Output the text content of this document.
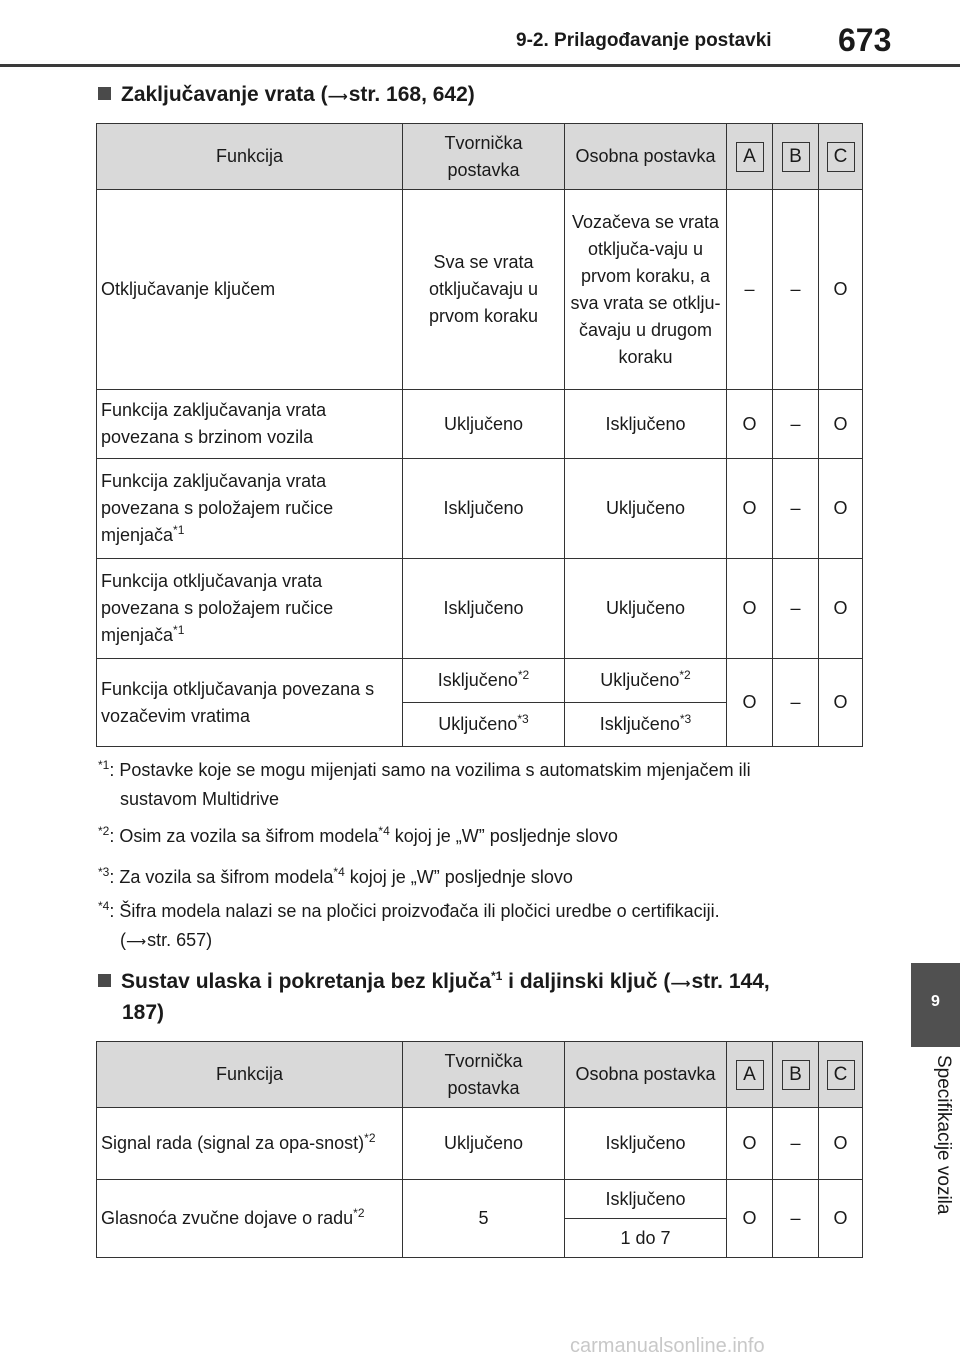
9-2. Prilagođavanje postavki 673
9
Specifikacije vozila
Zaključavanje vrata (⟶str. 168, 642)
Funkcija	Tvornička postavka	Osobna postavka	A	B	C
Otključavanje ključem	Sva se vrata otključavaju u prvom koraku	Vozačeva se vrata otključa-vaju u prvom koraku, a sva vrata se otklju-čavaju u drugom koraku	–	–	O
Funkcija zaključavanja vrata povezana s brzinom vozila	Uključeno	Isključeno	O	–	O
Funkcija zaključavanja vrata povezana s položajem ručice mjenjača$^{*1}$	Isključeno	Uključeno	O	–	O
Funkcija otključavanja vrata povezana s položajem ručice mjenjača$^{*1}$	Isključeno	Uključeno	O	–	O
Funkcija otključavanja povezana s vozačevim vratima	Isključeno$^{*2}$	Uključeno$^{*2}$	O	–	O
	Uključeno$^{*3}$	Isključeno$^{*3}$
$^{*1}$: Postavke koje se mogu mijenjati samo na vozilima s automatskim mjenjačem ili
sustavom Multidrive
$^{*2}$: Osim za vozila sa šifrom modela$^{*4}$ kojoj je „W” posljednje slovo
$^{*3}$: Za vozila sa šifrom modela$^{*4}$ kojoj je „W” posljednje slovo
$^{*4}$: Šifra modela nalazi se na pločici proizvođača ili pločici uredbe o certifikaciji.
(⟶str. 657)
Sustav ulaska i pokretanja bez ključa$^{*1}$ i daljinski ključ (⟶str. 144,
187)
Funkcija	Tvornička postavka	Osobna postavka	A	B	C
Signal rada (signal za opa-snost)$^{*2}$	Uključeno	Isključeno	O	–	O
Glasnoća zvučne dojave o radu$^{*2}$	5	Isključeno	O	–	O
		1 do 7			
carmanualsonline.info
